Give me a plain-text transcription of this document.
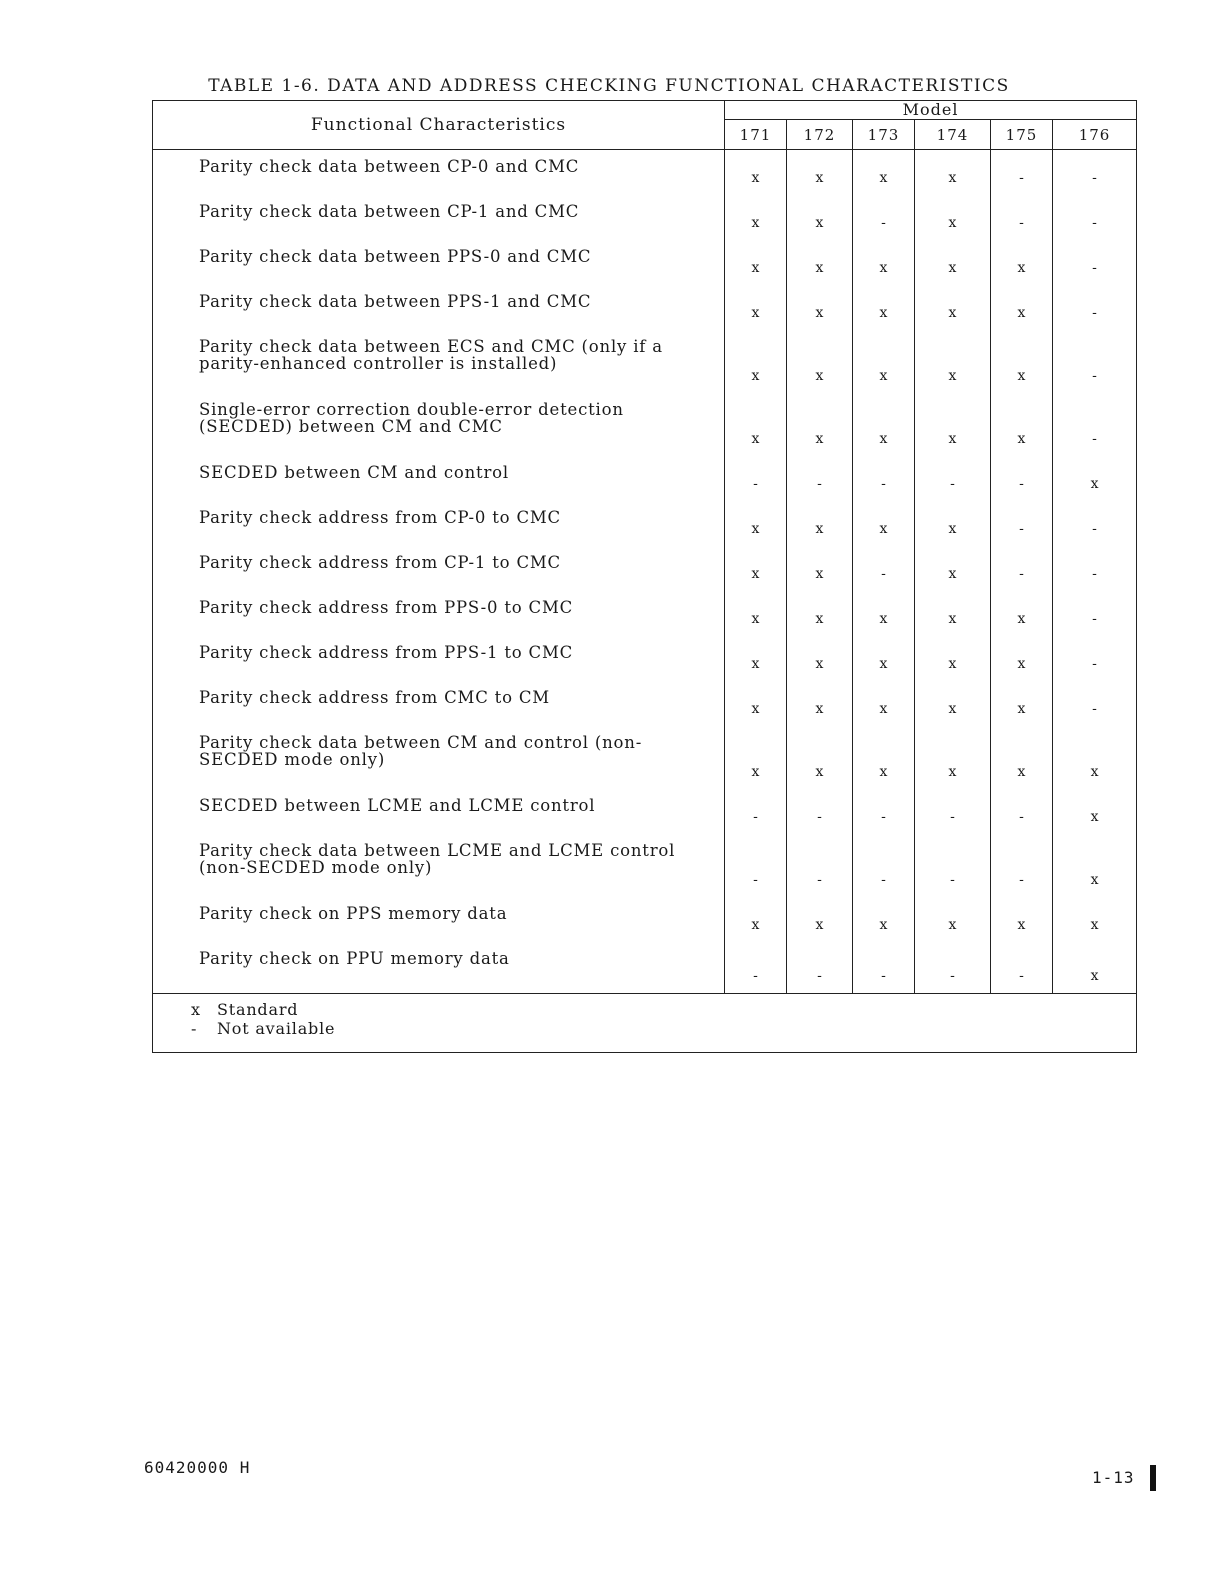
TABLE 1-6. DATA AND ADDRESS CHECKING FUNCTIONAL CHARACTERISTICS
Functional Characteristics	Model					
	171	172	173	174	175	176

Parity check data between CP-0 and CMC	x	x	x	x	-	-

Parity check data between CP-1 and CMC	x	x	-	x	-	-

Parity check data between PPS-0 and CMC	x	x	x	x	x	-

Parity check data between PPS-1 and CMC	x	x	x	x	x	-

Parity check data between ECS and CMC (only if a
parity-enhanced controller is installed)	x	x	x	x	x	-

Single-error correction double-error detection
(SECDED) between CM and CMC	x	x	x	x	x	-

SECDED between CM and control	-	-	-	-	-	x

Parity check address from CP-0 to CMC	x	x	x	x	-	-

Parity check address from CP-1 to CMC	x	x	-	x	-	-

Parity check address from PPS-0 to CMC	x	x	x	x	x	-

Parity check address from PPS-1 to CMC	x	x	x	x	x	-

Parity check address from CMC to CM	x	x	x	x	x	-

Parity check data between CM and control (non-
SECDED mode only)	x	x	x	x	x	x

SECDED between LCME and LCME control	-	-	-	-	-	x

Parity check data between LCME and LCME control
(non-SECDED mode only)	-	-	-	-	-	x

Parity check on PPS memory data	x	x	x	x	x	x

Parity check on PPU memory data	-	-	-	-	-	x

x Standard
- Not available						
60420000 H
1-13
